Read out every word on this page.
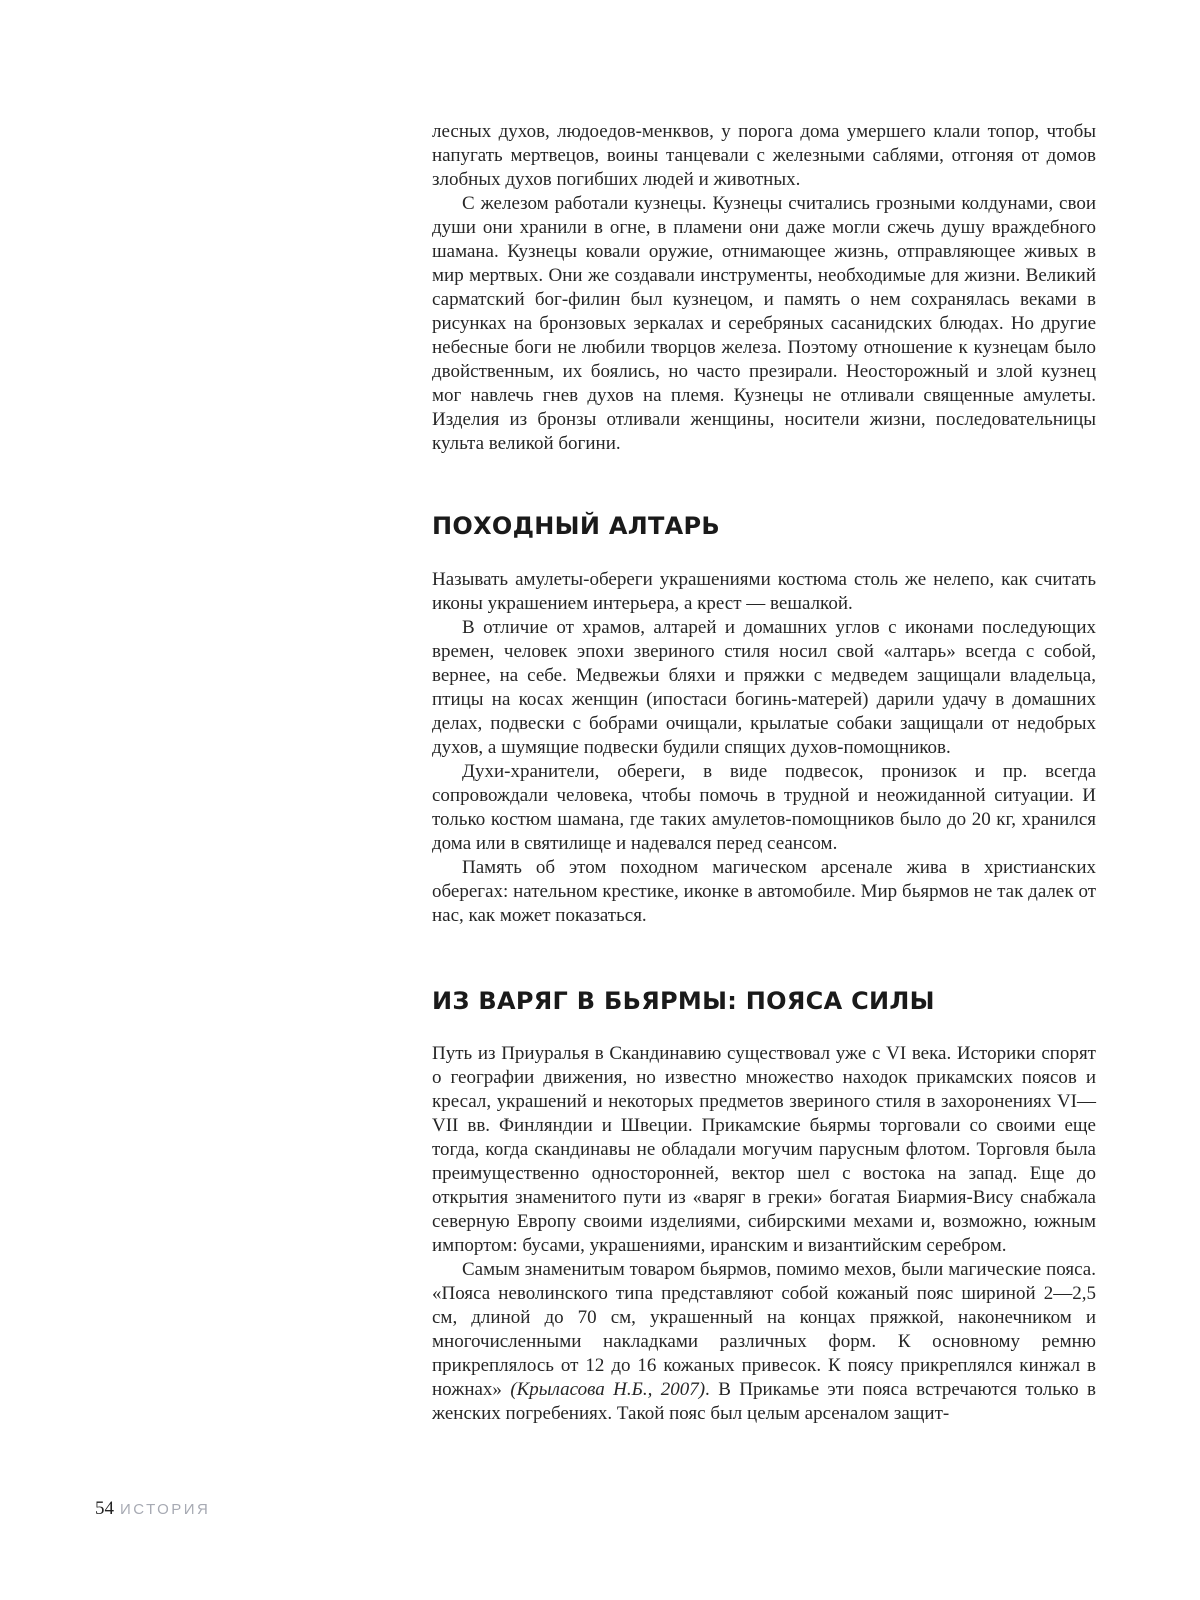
лесных духов, людоедов-менквов, у порога дома умершего клали топор, чтобы напугать мертвецов, воины танцевали с железными саблями, отгоняя от домов злобных духов погибших людей и животных.

С железом работали кузнецы. Кузнецы считались грозными колдунами, свои души они хранили в огне, в пламени они даже могли сжечь душу враждебного шамана. Кузнецы ковали оружие, отнимающее жизнь, отправляющее живых в мир мертвых. Они же создавали инструменты, необходимые для жизни. Великий сарматский бог-филин был кузнецом, и память о нем сохранялась веками в рисунках на бронзовых зеркалах и серебряных сасанидских блюдах. Но другие небесные боги не любили творцов железа. Поэтому отношение к кузнецам было двойственным, их боялись, но часто презирали. Неосторожный и злой кузнец мог навлечь гнев духов на племя. Кузнецы не отливали священные амулеты. Изделия из бронзы отливали женщины, носители жизни, последовательницы культа великой богини.

ПОХОДНЫЙ АЛТАРЬ

Называть амулеты-обереги украшениями костюма столь же нелепо, как считать иконы украшением интерьера, а крест — вешалкой.

В отличие от храмов, алтарей и домашних углов с иконами последующих времен, человек эпохи звериного стиля носил свой «алтарь» всегда с собой, вернее, на себе. Медвежьи бляхи и пряжки с медведем защищали владельца, птицы на косах женщин (ипостаси богинь-матерей) дарили удачу в домашних делах, подвески с бобрами очищали, крылатые собаки защищали от недобрых духов, а шумящие подвески будили спящих духов-помощников.

Духи-хранители, обереги, в виде подвесок, пронизок и пр. всегда сопровождали человека, чтобы помочь в трудной и неожиданной ситуации. И только костюм шамана, где таких амулетов-помощников было до 20 кг, хранился дома или в святилище и надевался перед сеансом.

Память об этом походном магическом арсенале жива в христианских оберегах: нательном крестике, иконке в автомобиле. Мир бьярмов не так далек от нас, как может показаться.

ИЗ ВАРЯГ В БЬЯРМЫ: ПОЯСА СИЛЫ

Путь из Приуралья в Скандинавию существовал уже с VI века. Историки спорят о географии движения, но известно множество находок прикамских поясов и кресал, украшений и некоторых предметов звериного стиля в захоронениях VI—VII вв. Финляндии и Швеции. Прикамские бьярмы торговали со своими еще тогда, когда скандинавы не обладали могучим парусным флотом. Торговля была преимущественно односторонней, вектор шел с востока на запад. Еще до открытия знаменитого пути из «варяг в греки» богатая Биармия-Вису снабжала северную Европу своими изделиями, сибирскими мехами и, возможно, южным импортом: бусами, украшениями, иранским и византийским серебром.

Самым знаменитым товаром бьярмов, помимо мехов, были магические пояса. «Пояса неволинского типа представляют собой кожаный пояс шириной 2—2,5 см, длиной до 70 см, украшенный на концах пряжкой, наконечником и многочисленными накладками различных форм. К основному ремню прикреплялось от 12 до 16 кожаных привесок. К поясу прикреплялся кинжал в ножнах» (Крыласова Н.Б., 2007). В Прикамье эти пояса встречаются только в женских погребениях. Такой пояс был целым арсеналом защит-

54 ИСТОРИЯ
